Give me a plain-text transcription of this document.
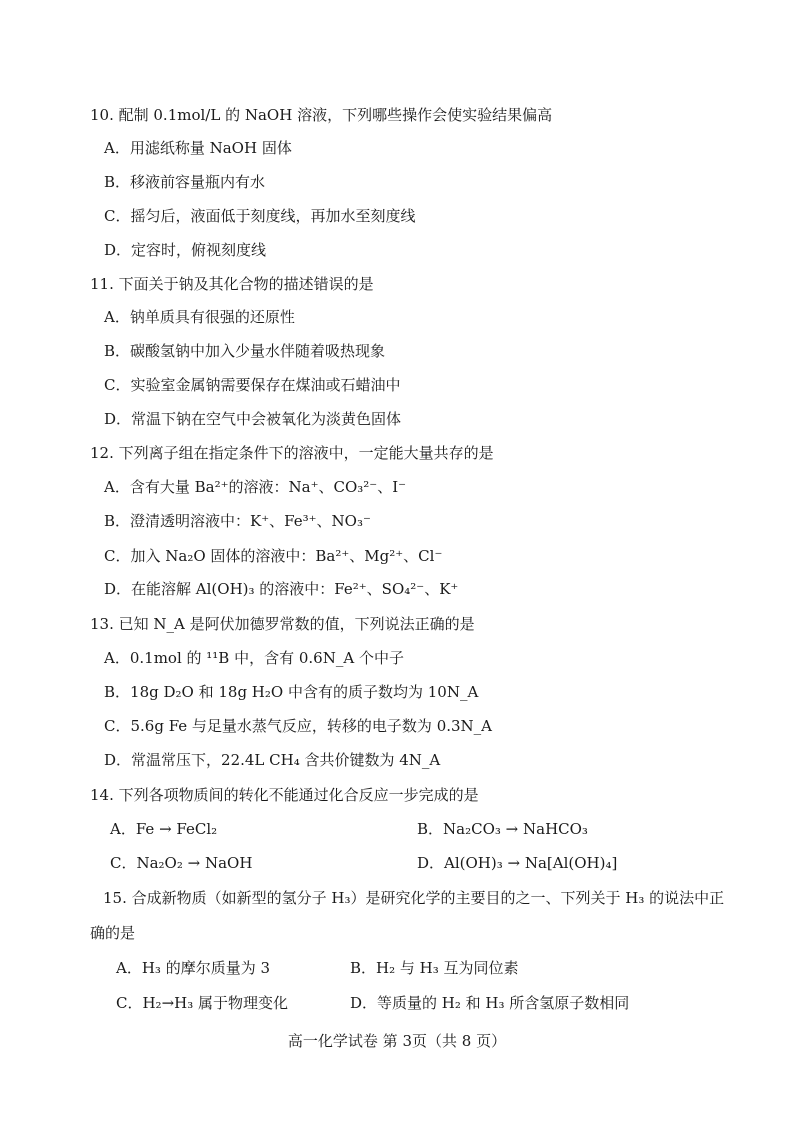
10. 配制 0.1mol/L 的 NaOH 溶液，下列哪些操作会使实验结果偏高
A．用滤纸称量 NaOH 固体
B．移液前容量瓶内有水
C．摇匀后，液面低于刻度线，再加水至刻度线
D．定容时，俯视刻度线
11. 下面关于钠及其化合物的描述错误的是
A．钠单质具有很强的还原性
B．碳酸氢钠中加入少量水伴随着吸热现象
C．实验室金属钠需要保存在煤油或石蜡油中
D．常温下钠在空气中会被氧化为淡黄色固体
12. 下列离子组在指定条件下的溶液中，一定能大量共存的是
A．含有大量 Ba²⁺的溶液：Na⁺、CO₃²⁻、I⁻
B．澄清透明溶液中：K⁺、Fe³⁺、NO₃⁻
C．加入 Na₂O 固体的溶液中：Ba²⁺、Mg²⁺、Cl⁻
D．在能溶解 Al(OH)₃ 的溶液中：Fe²⁺、SO₄²⁻、K⁺
13. 已知 N_A 是阿伏加德罗常数的值，下列说法正确的是
A．0.1mol 的 ¹¹B 中，含有 0.6N_A 个中子
B．18g D₂O 和 18g H₂O 中含有的质子数均为 10N_A
C．5.6g Fe 与足量水蒸气反应，转移的电子数为 0.3N_A
D．常温常压下，22.4L CH₄ 含共价键数为 4N_A
14. 下列各项物质间的转化不能通过化合反应一步完成的是
A．Fe → FeCl₂	B．Na₂CO₃ → NaHCO₃
C．Na₂O₂ → NaOH	D．Al(OH)₃ → Na[Al(OH)₄]
15. 合成新物质（如新型的氢分子 H₃）是研究化学的主要目的之一、下列关于 H₃ 的说法中正
确的是
A．H₃ 的摩尔质量为 3	B．H₂ 与 H₃ 互为同位素
C．H₂→H₃ 属于物理变化	D．等质量的 H₂ 和 H₃ 所含氢原子数相同
高一化学试卷 第 3页（共 8 页）
